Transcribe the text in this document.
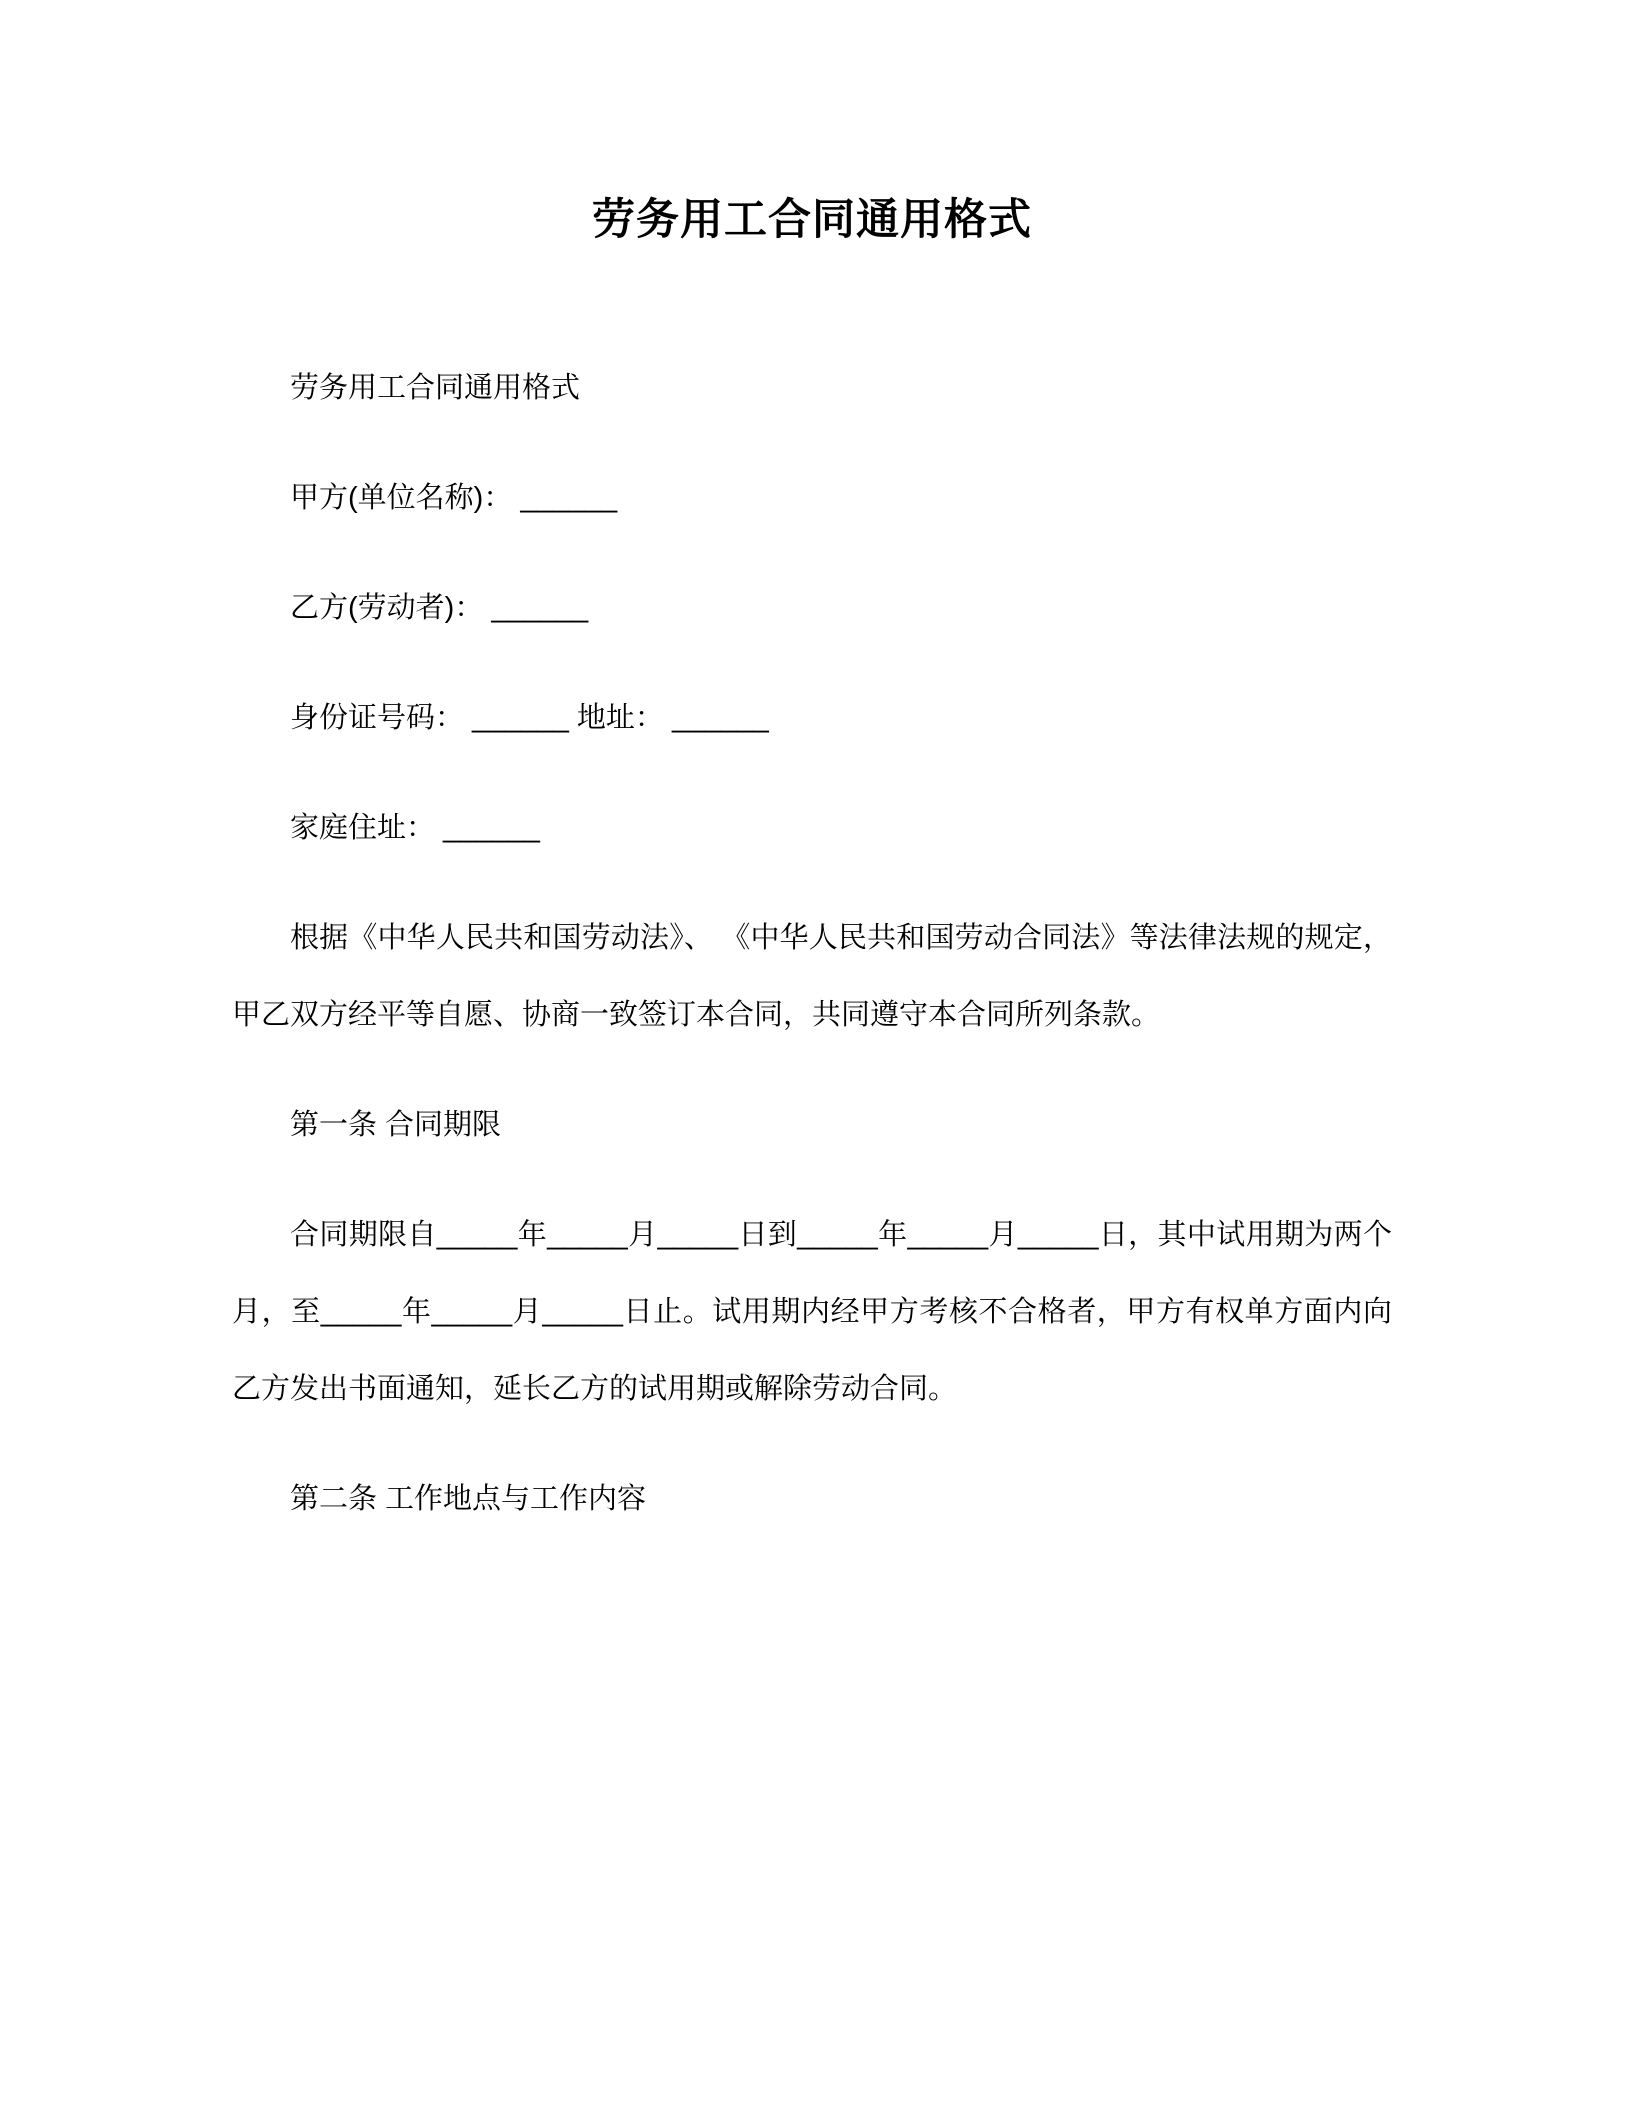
劳务用工合同通用格式

劳务用工合同通用格式

甲方(单位名称)： ______

乙方(劳动者)： ______

身份证号码： ______ 地址： ______

家庭住址： ______

根据《中华人民共和国劳动法》、 《中华人民共和国劳动合同法》等法律法规的规定，甲乙双方经平等自愿、协商一致签订本合同，共同遵守本合同所列条款。

第一条 合同期限

合同期限自_____年_____月_____日到_____年_____月_____日，其中试用期为两个月，至_____年_____月_____日止。试用期内经甲方考核不合格者，甲方有权单方面内向乙方发出书面通知，延长乙方的试用期或解除劳动合同。

第二条 工作地点与工作内容
